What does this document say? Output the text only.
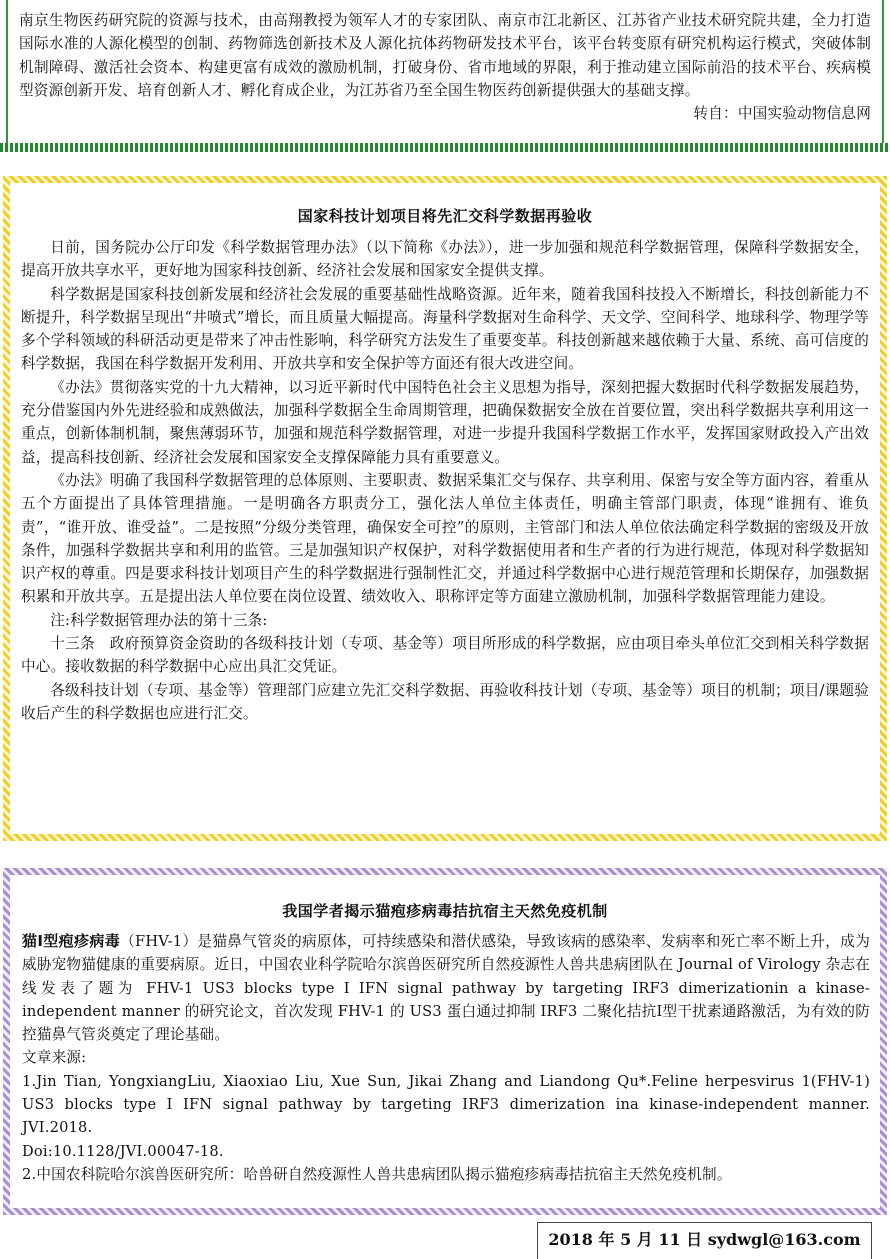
南京生物医药研究院的资源与技术，由高翔教授为领军人才的专家团队、南京市江北新区、江苏省产业技术研究院共建，全力打造国际水准的人源化模型的创制、药物筛选创新技术及人源化抗体药物研发技术平台，该平台转变原有研究机构运行模式，突破体制机制障碍、激活社会资本、构建更富有成效的激励机制，打破身份、省市地域的界限，利于推动建立国际前沿的技术平台、疾病模型资源创新开发、培育创新人才、孵化育成企业，为江苏省乃至全国生物医药创新提供强大的基础支撑。　　　
转自：中国实验动物信息网

国家科技计划项目将先汇交科学数据再验收

日前，国务院办公厅印发《科学数据管理办法》（以下简称《办法》），进一步加强和规范科学数据管理，保障科学数据安全，提高开放共享水平，更好地为国家科技创新、经济社会发展和国家安全提供支撑。

科学数据是国家科技创新发展和经济社会发展的重要基础性战略资源。近年来，随着我国科技投入不断增长，科技创新能力不断提升，科学数据呈现出“井喷式”增长，而且质量大幅提高。海量科学数据对生命科学、天文学、空间科学、地球科学、物理学等多个学科领域的科研活动更是带来了冲击性影响，科学研究方法发生了重要变革。科技创新越来越依赖于大量、系统、高可信度的科学数据，我国在科学数据开发利用、开放共享和安全保护等方面还有很大改进空间。

《办法》贯彻落实党的十九大精神，以习近平新时代中国特色社会主义思想为指导，深刻把握大数据时代科学数据发展趋势，充分借鉴国内外先进经验和成熟做法，加强科学数据全生命周期管理，把确保数据安全放在首要位置，突出科学数据共享利用这一重点，创新体制机制，聚焦薄弱环节，加强和规范科学数据管理，对进一步提升我国科学数据工作水平，发挥国家财政投入产出效益，提高科技创新、经济社会发展和国家安全支撑保障能力具有重要意义。

《办法》明确了我国科学数据管理的总体原则、主要职责、数据采集汇交与保存、共享利用、保密与安全等方面内容，着重从五个方面提出了具体管理措施。一是明确各方职责分工，强化法人单位主体责任，明确主管部门职责，体现“谁拥有、谁负责”，“谁开放、谁受益”。二是按照“分级分类管理，确保安全可控”的原则，主管部门和法人单位依法确定科学数据的密级及开放条件，加强科学数据共享和利用的监管。三是加强知识产权保护，对科学数据使用者和生产者的行为进行规范，体现对科学数据知识产权的尊重。四是要求科技计划项目产生的科学数据进行强制性汇交，并通过科学数据中心进行规范管理和长期保存，加强数据积累和开放共享。五是提出法人单位要在岗位设置、绩效收入、职称评定等方面建立激励机制，加强科学数据管理能力建设。

注:科学数据管理办法的第十三条:

十三条　政府预算资金资助的各级科技计划（专项、基金等）项目所形成的科学数据，应由项目牵头单位汇交到相关科学数据中心。接收数据的科学数据中心应出具汇交凭证。

各级科技计划（专项、基金等）管理部门应建立先汇交科学数据、再验收科技计划（专项、基金等）项目的机制；项目/课题验收后产生的科学数据也应进行汇交。

我国学者揭示猫疱疹病毒拮抗宿主天然免疫机制

猫Ⅰ型疱疹病毒（FHV-1）是猫鼻气管炎的病原体，可持续感染和潜伏感染，导致该病的感染率、发病率和死亡率不断上升，成为威胁宠物猫健康的重要病原。近日，中国农业科学院哈尔滨兽医研究所自然疫源性人兽共患病团队在 Journal of Virology 杂志在线发表了题为 FHV-1 US3 blocks type I IFN signal pathway by targeting IRF3 dimerizationin a kinase-independent manner 的研究论文，首次发现 FHV-1 的 US3 蛋白通过抑制 IRF3 二聚化拮抗Ⅰ型干扰素通路激活，为有效的防控猫鼻气管炎奠定了理论基础。

文章来源:

1.Jin Tian, YongxiangLiu, Xiaoxiao Liu, Xue Sun, Jikai Zhang and Liandong Qu*.Feline herpesvirus 1(FHV-1) US3 blocks type I IFN signal pathway by targeting IRF3 dimerization ina kinase-independent manner. JVI.2018.

Doi:10.1128/JVI.00047-18.

2.中国农科院哈尔滨兽医研究所：哈兽研自然疫源性人兽共患病团队揭示猫疱疹病毒拮抗宿主天然免疫机制。

2018 年 5 月 11 日 sydwgl@163.com
